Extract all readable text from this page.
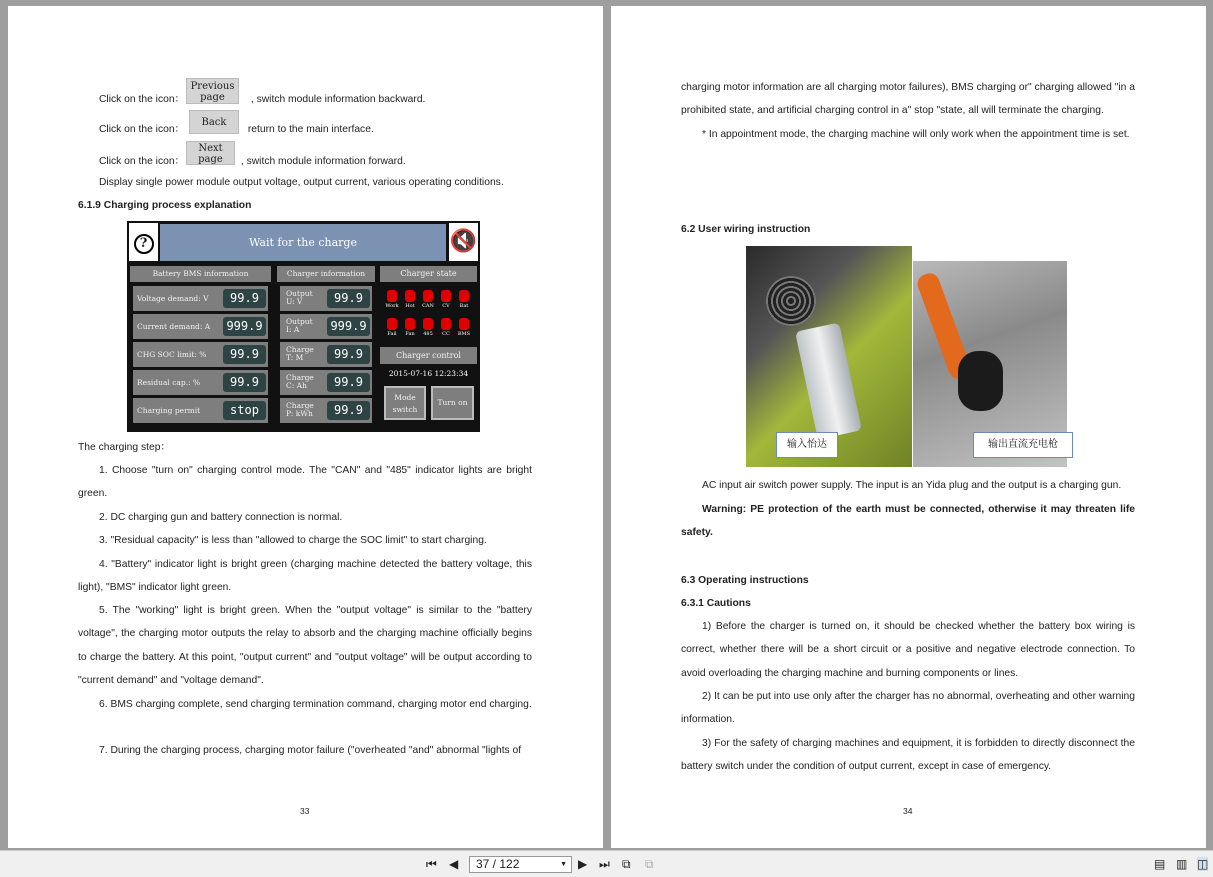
Click on the icon：	, switch module information backward.
Previous page
Click on the icon：	return to the main interface.
Back
Click on the icon：	, switch module information forward.
Next page
Display single power module output voltage, output current, various operating conditions.
6.1.9 Charging process explanation
?	Wait for the charge	🔇
Battery BMS information	Charger information	Charger state
Charger control
2015-07-16 12:23:34
Mode switch
Turn on
Voltage demand: V	99.9
Current demand: A	999.9
CHG SOC limit: %	99.9
Residual cap.: %	99.9
Charging permit	stop
Output
U: V	99.9
Output
I: A	999.9
Charge
T: M	99.9
Charge
C: Ah	99.9
Charge
P: kWh	99.9
Work	Hot	CAN	CV	Bat
Fail	Fan	485	CC	BMS
The charging step：
1. Choose "turn on" charging control mode. The "CAN" and "485" indicator lights are bright green.
2. DC charging gun and battery connection is normal.
3. "Residual capacity" is less than "allowed to charge the SOC limit" to start charging.
4. "Battery" indicator light is bright green (charging machine detected the battery voltage, this light), "BMS" indicator light green.
5. The "working" light is bright green. When the "output voltage" is similar to the "battery voltage", the charging motor outputs the relay to absorb and the charging machine officially begins to charge the battery. At this point, "output current" and "output voltage" will be output according to "current demand" and "voltage demand".
6. BMS charging complete, send charging termination command, charging motor end charging.
7. During the charging process, charging motor failure ("overheated "and" abnormal "lights of
33
charging motor information are all charging motor failures), BMS charging or" charging allowed "in a prohibited state, and artificial charging control in a" stop "state, all will terminate the charging.
* In appointment mode, the charging machine will only work when the appointment time is set.
6.2 User wiring instruction
输入怡达	输出直流充电枪
AC input air switch power supply. The input is an Yida plug and the output is a charging gun.
Warning: PE protection of the earth must be connected, otherwise it may threaten life safety.
6.3 Operating instructions
6.3.1 Cautions
1) Before the charger is turned on, it should be checked whether the battery box wiring is correct, whether there will be a short circuit or a positive and negative electrode connection. To avoid overloading the charging machine and burning components or lines.
2) It can be put into use only after the charger has no abnormal, overheating and other warning information.
3) For the safety of charging machines and equipment, it is forbidden to directly disconnect the battery switch under the condition of output current, except in case of emergency.
34
⏮ ◀	37 / 122	▼ ▶ ⏭ ⧉ ⧉	▤ ▥ ◫
